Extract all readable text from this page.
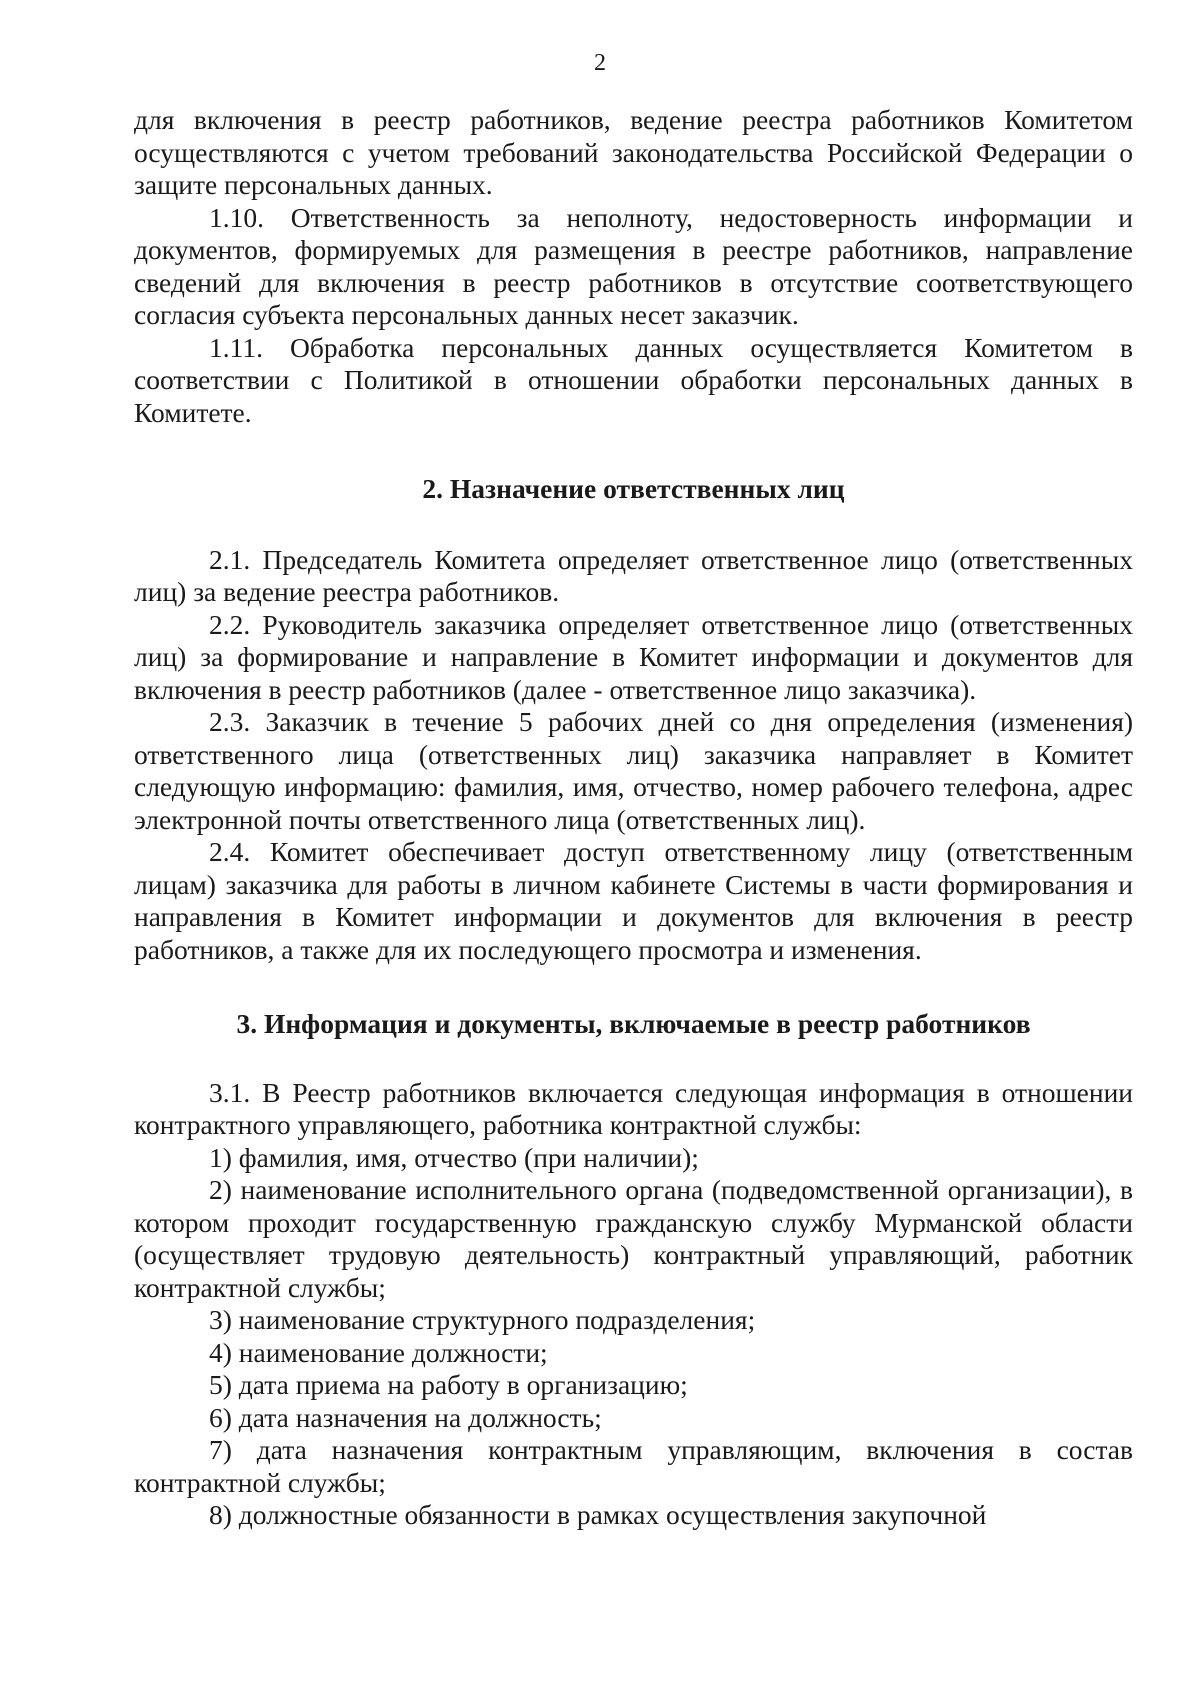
2

для включения в реестр работников, ведение реестра работников Комитетом осуществляются с учетом требований законодательства Российской Федерации о защите персональных данных.

1.10. Ответственность за неполноту, недостоверность информации и документов, формируемых для размещения в реестре работников, направление сведений для включения в реестр работников в отсутствие соответствующего согласия субъекта персональных данных несет заказчик.

1.11. Обработка персональных данных осуществляется Комитетом в соответствии с Политикой в отношении обработки персональных данных в Комитете.

2. Назначение ответственных лиц

2.1. Председатель Комитета определяет ответственное лицо (ответственных лиц) за ведение реестра работников.

2.2. Руководитель заказчика определяет ответственное лицо (ответственных лиц) за формирование и направление в Комитет информации и документов для включения в реестр работников (далее - ответственное лицо заказчика).

2.3. Заказчик в течение 5 рабочих дней со дня определения (изменения) ответственного лица (ответственных лиц) заказчика направляет в Комитет следующую информацию: фамилия, имя, отчество, номер рабочего телефона, адрес электронной почты ответственного лица (ответственных лиц).

2.4. Комитет обеспечивает доступ ответственному лицу (ответственным лицам) заказчика для работы в личном кабинете Системы в части формирования и направления в Комитет информации и документов для включения в реестр работников, а также для их последующего просмотра и изменения.

3. Информация и документы, включаемые в реестр работников

3.1. В Реестр работников включается следующая информация в отношении контрактного управляющего, работника контрактной службы:

1) фамилия, имя, отчество (при наличии);

2) наименование исполнительного органа (подведомственной организации), в котором проходит государственную гражданскую службу Мурманской области (осуществляет трудовую деятельность) контрактный управляющий, работник контрактной службы;

3) наименование структурного подразделения;

4) наименование должности;

5) дата приема на работу в организацию;

6) дата назначения на должность;

7) дата назначения контрактным управляющим, включения в состав контрактной службы;

8) должностные обязанности в рамках осуществления закупочной
